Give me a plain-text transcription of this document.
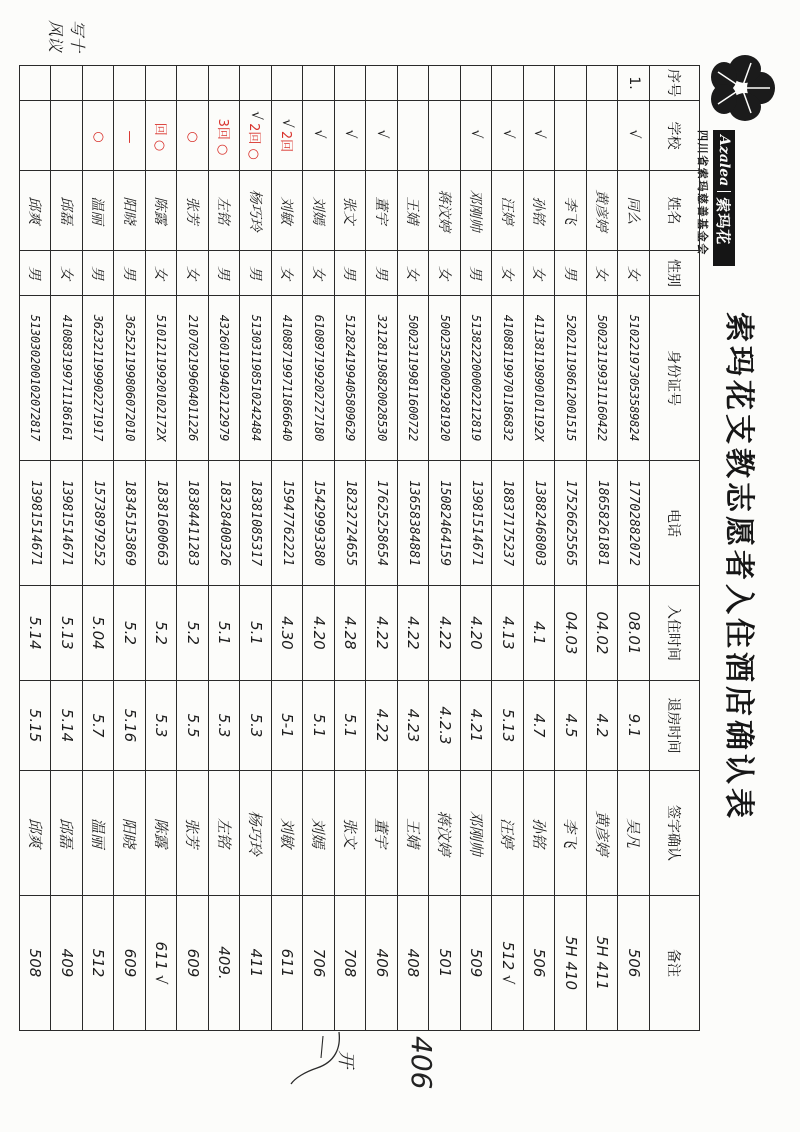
Azalea
索玛花
四川省索玛慈善基金会
索玛花支教志愿者入住酒店确认表
序号
学校
姓名
性别
身份证号
电话
入住时间
退房时间
签字确认
备注
1.
√
同么
女
510221973053589824
17702882072
08.01
9.1
吴凡
506
黄彦婷
女
500231199311160422
18658261881
04.02
4.2
黄彦婷
5H 411
李飞
男
520211198612001515
17526625565
04.03
4.5
李飞
5H 410
√
孙铭
女
41138119890101192X
13882468003
4.1
4.7
孙铭
506
√
汪婷
女
410881199701186832
18837175237
4.13
5.13
汪婷
512 √
√
邓刚帅
男
513822200002212819
13981514671
4.20
4.21
邓刚帅
509
蒋汶婷
女
500235200029281920
15082464159
4.22
4.2.3
蒋汶婷
501
王婧
女
500231199811600722
13658384881
4.22
4.23
王婧
408
√
董宇
男
321281198820028530
17625258654
4.22
4.22
董宇
406
√
张文
男
512824199405809629
18232724655
4.28
5.1
张文
708
√
刘嫣
女
610897199202727180
15429993380
4.20
5.1
刘嫣
706
√
2回
刘敏
女
410887199711866640
15947762221
4.30
5-1
刘敏
611
√
2回 ○
杨巧玲
男
513031198510242484
18381085317
5.1
5.3
杨巧玲
411
3回 ○
左铭
男
432601199402122979
18328400326
5.1
5.3
左铭
409.
○
张芳
女
210702199604011226
18384411283
5.2
5.5
张芳
609
回 ○
陈露
女
51012119920102172X
18381600663
5.2
5.3
陈露
611 √
—
阳晓
男
362521199806072010
18345153869
5.2
5.16
阳晓
609
○
温丽
男
362321199902271917
15738979252
5.04
5.7
温丽
512
邱磊
女
410883199711186161
13981514671
5.13
5.14
邱磊
409
邱爽
男
513030200102072817
13981514671
5.14
5.15
邱爽
508
写十
风议
406
开
